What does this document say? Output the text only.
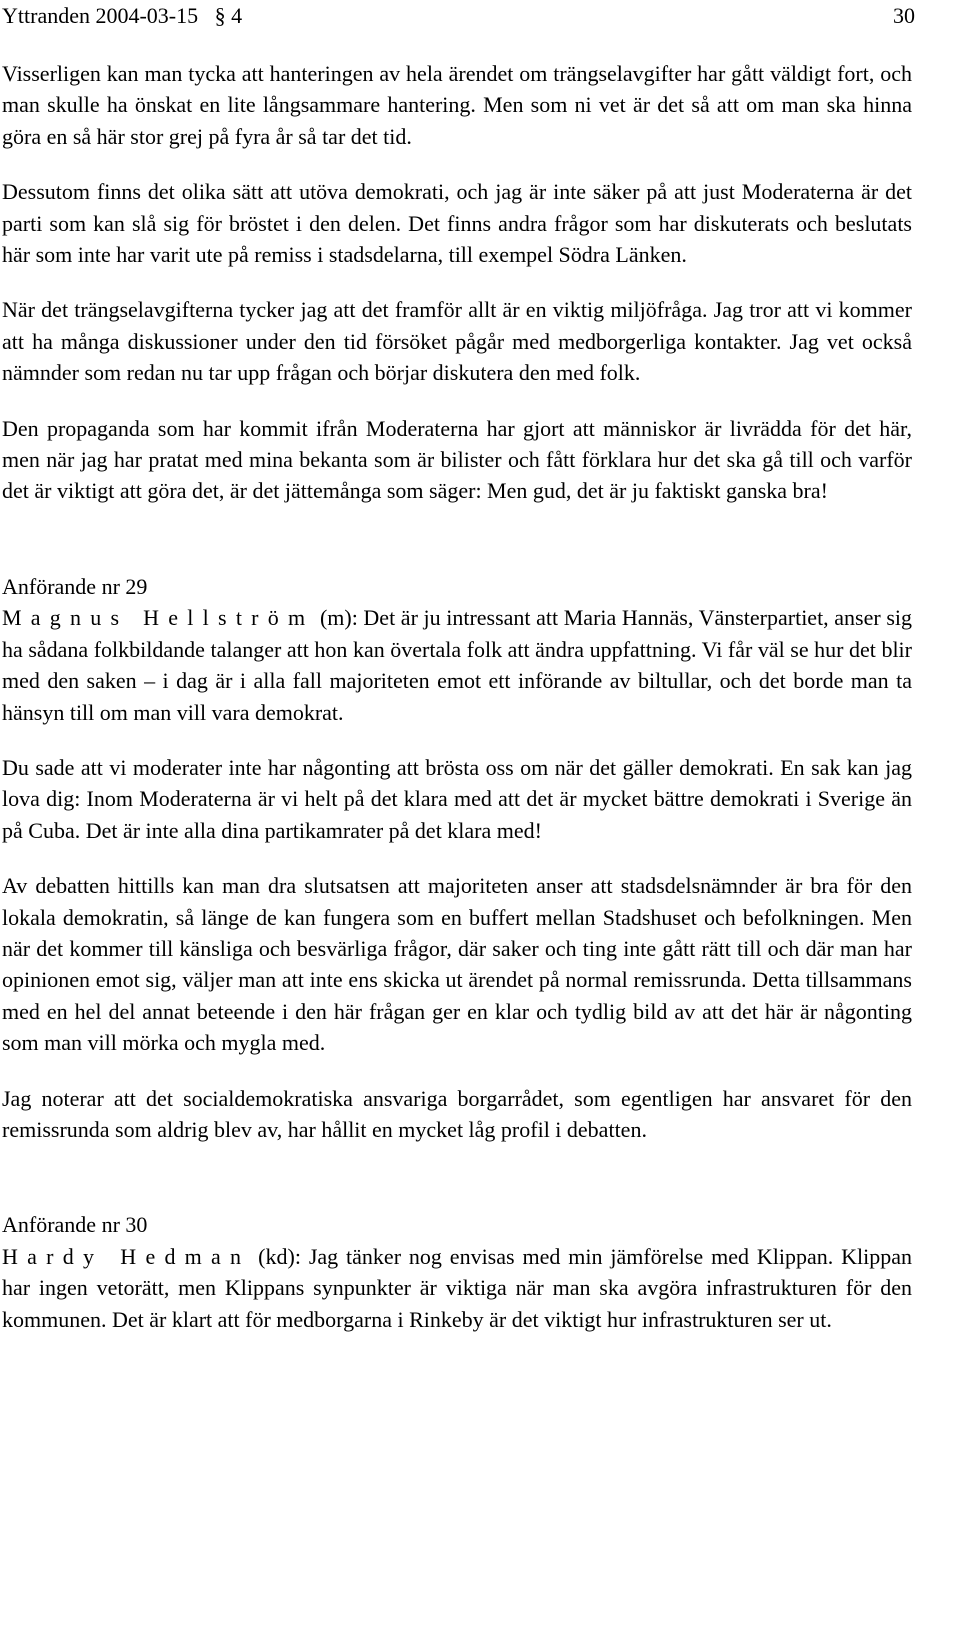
Yttranden 2004-03-15 § 4	30

Visserligen kan man tycka att hanteringen av hela ärendet om trängselavgifter har gått väldigt fort, och man skulle ha önskat en lite långsammare hantering. Men som ni vet är det så att om man ska hinna göra en så här stor grej på fyra år så tar det tid.

Dessutom finns det olika sätt att utöva demokrati, och jag är inte säker på att just Moderaterna är det parti som kan slå sig för bröstet i den delen. Det finns andra frågor som har diskuterats och beslutats här som inte har varit ute på remiss i stadsdelarna, till exempel Södra Länken.

När det trängselavgifterna tycker jag att det framför allt är en viktig miljöfråga. Jag tror att vi kommer att ha många diskussioner under den tid försöket pågår med medborgerliga kontakter. Jag vet också nämnder som redan nu tar upp frågan och börjar diskutera den med folk.

Den propaganda som har kommit ifrån Moderaterna har gjort att människor är livrädda för det här, men när jag har pratat med mina bekanta som är bilister och fått förklara hur det ska gå till och varför det är viktigt att göra det, är det jättemånga som säger: Men gud, det är ju faktiskt ganska bra!

Anförande nr 29

Magnus Hellström (m): Det är ju intressant att Maria Hannäs, Vänsterpartiet, anser sig ha sådana folkbildande talanger att hon kan övertala folk att ändra uppfattning. Vi får väl se hur det blir med den saken – i dag är i alla fall majoriteten emot ett införande av biltullar, och det borde man ta hänsyn till om man vill vara demokrat.

Du sade att vi moderater inte har någonting att brösta oss om när det gäller demokrati. En sak kan jag lova dig: Inom Moderaterna är vi helt på det klara med att det är mycket bättre demokrati i Sverige än på Cuba. Det är inte alla dina partikamrater på det klara med!

Av debatten hittills kan man dra slutsatsen att majoriteten anser att stadsdelsnämnder är bra för den lokala demokratin, så länge de kan fungera som en buffert mellan Stadshuset och befolkningen. Men när det kommer till känsliga och besvärliga frågor, där saker och ting inte gått rätt till och där man har opinionen emot sig, väljer man att inte ens skicka ut ärendet på normal remissrunda. Detta tillsammans med en hel del annat beteende i den här frågan ger en klar och tydlig bild av att det här är någonting som man vill mörka och mygla med.

Jag noterar att det socialdemokratiska ansvariga borgarrådet, som egentligen har ansvaret för den remissrunda som aldrig blev av, har hållit en mycket låg profil i debatten.

Anförande nr 30

Hardy Hedman (kd): Jag tänker nog envisas med min jämförelse med Klippan. Klippan har ingen vetorätt, men Klippans synpunkter är viktiga när man ska avgöra infrastrukturen för den kommunen. Det är klart att för medborgarna i Rinkeby är det viktigt hur infrastrukturen ser ut.
